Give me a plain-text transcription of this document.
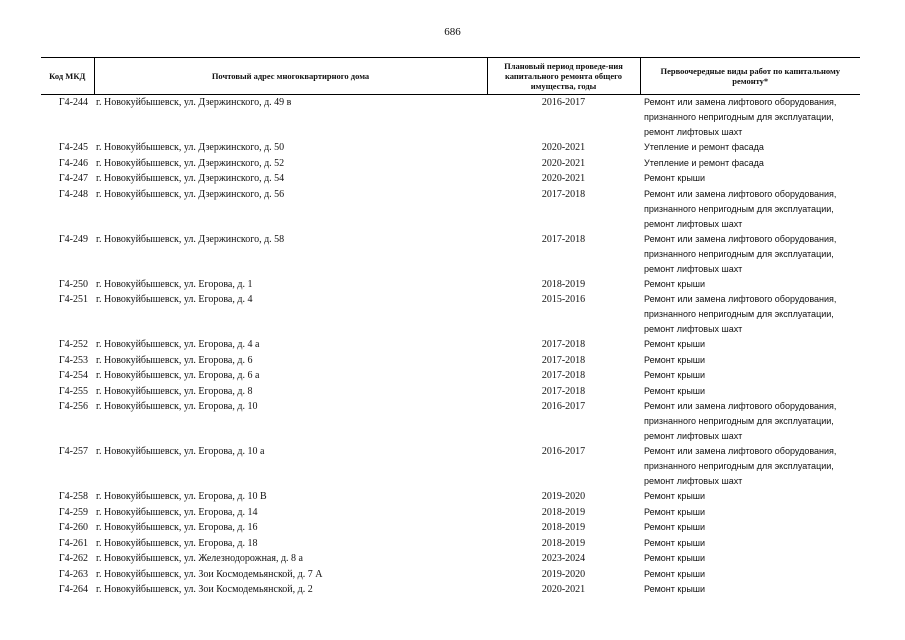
686
Код МКД	Почтовый адрес многоквартирного дома	Плановый период проведе-ния капитального ремонта общего имущества, годы	Первоочередные виды работ по капитальному ремонту*
Г4-244	г. Новокуйбышевск, ул. Дзержинского, д. 49 в	2016-2017	Ремонт или замена лифтового оборудования,
признанного непригодным для эксплуатации,
ремонт лифтовых шахт

Г4-245	г. Новокуйбышевск, ул. Дзержинского, д. 50	2020-2021	Утепление и ремонт фасада

Г4-246	г. Новокуйбышевск, ул. Дзержинского, д. 52	2020-2021	Утепление и ремонт фасада

Г4-247	г. Новокуйбышевск, ул. Дзержинского, д. 54	2020-2021	Ремонт крыши

Г4-248	г. Новокуйбышевск, ул. Дзержинского, д. 56	2017-2018	Ремонт или замена лифтового оборудования,
признанного непригодным для эксплуатации,
ремонт лифтовых шахт

Г4-249	г. Новокуйбышевск, ул. Дзержинского, д. 58	2017-2018	Ремонт или замена лифтового оборудования,
признанного непригодным для эксплуатации,
ремонт лифтовых шахт

Г4-250	г. Новокуйбышевск, ул. Егорова, д. 1	2018-2019	Ремонт крыши

Г4-251	г. Новокуйбышевск, ул. Егорова, д. 4	2015-2016	Ремонт или замена лифтового оборудования,
признанного непригодным для эксплуатации,
ремонт лифтовых шахт

Г4-252	г. Новокуйбышевск, ул. Егорова, д. 4 а	2017-2018	Ремонт крыши

Г4-253	г. Новокуйбышевск, ул. Егорова, д. 6	2017-2018	Ремонт крыши

Г4-254	г. Новокуйбышевск, ул. Егорова, д. 6 а	2017-2018	Ремонт крыши

Г4-255	г. Новокуйбышевск, ул. Егорова, д. 8	2017-2018	Ремонт крыши

Г4-256	г. Новокуйбышевск, ул. Егорова, д. 10	2016-2017	Ремонт или замена лифтового оборудования,
признанного непригодным для эксплуатации,
ремонт лифтовых шахт

Г4-257	г. Новокуйбышевск, ул. Егорова, д. 10 а	2016-2017	Ремонт или замена лифтового оборудования,
признанного непригодным для эксплуатации,
ремонт лифтовых шахт

Г4-258	г. Новокуйбышевск, ул. Егорова, д. 10 В	2019-2020	Ремонт крыши

Г4-259	г. Новокуйбышевск, ул. Егорова, д. 14	2018-2019	Ремонт крыши

Г4-260	г. Новокуйбышевск, ул. Егорова, д. 16	2018-2019	Ремонт крыши

Г4-261	г. Новокуйбышевск, ул. Егорова, д. 18	2018-2019	Ремонт крыши

Г4-262	г. Новокуйбышевск, ул. Железнодорожная, д. 8 а	2023-2024	Ремонт крыши

Г4-263	г. Новокуйбышевск, ул. Зои Космодемьянской, д. 7 А	2019-2020	Ремонт крыши

Г4-264	г. Новокуйбышевск, ул. Зои Космодемьянской, д. 2	2020-2021	Ремонт крыши
